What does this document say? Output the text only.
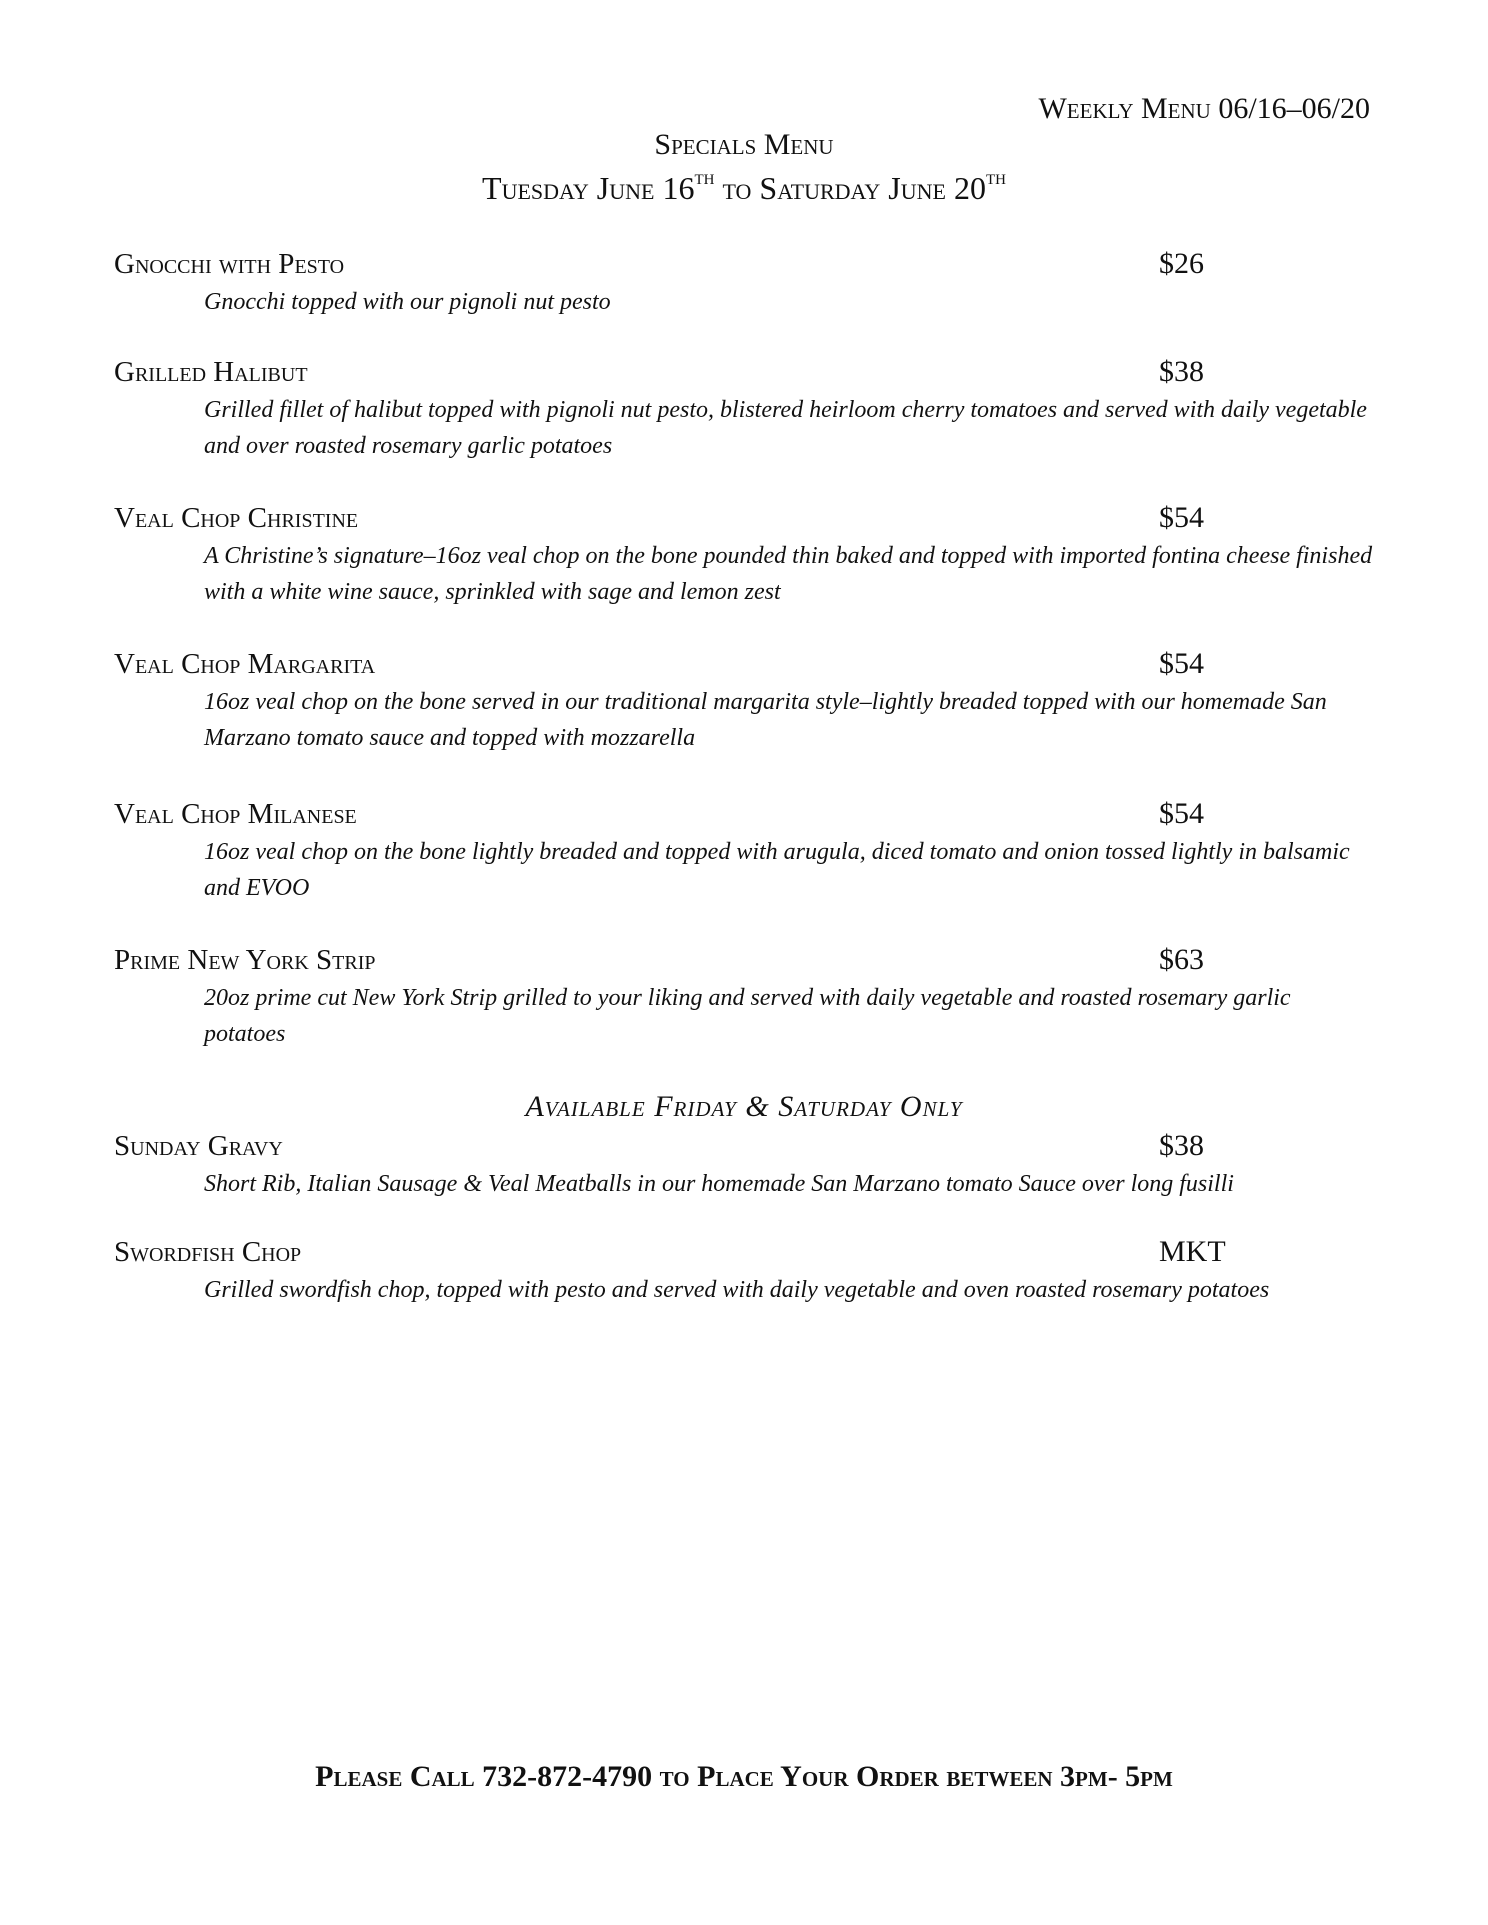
Weekly Menu 06/16–06/20
Specials Menu
Tuesday June 16TH to Saturday June 20TH
Gnocchi with Pesto	$26
Gnocchi topped with our pignoli nut pesto
Grilled Halibut	$38
Grilled fillet of halibut topped with pignoli nut pesto, blistered heirloom cherry tomatoes and served with daily vegetable and over roasted rosemary garlic potatoes
Veal Chop Christine	$54
A Christine’s signature–16oz veal chop on the bone pounded thin baked and topped with imported fontina cheese finished with a white wine sauce, sprinkled with sage and lemon zest
Veal Chop Margarita	$54
16oz veal chop on the bone served in our traditional margarita style–lightly breaded topped with our homemade San Marzano tomato sauce and topped with mozzarella
Veal Chop Milanese	$54
16oz veal chop on the bone lightly breaded and topped with arugula, diced tomato and onion tossed lightly in balsamic and EVOO
Prime New York Strip	$63
20oz prime cut New York Strip grilled to your liking and served with daily vegetable and roasted rosemary garlic potatoes
Available Friday & Saturday Only
Sunday Gravy	$38
Short Rib, Italian Sausage & Veal Meatballs in our homemade San Marzano tomato Sauce over long fusilli
Swordfish Chop	MKT
Grilled swordfish chop, topped with pesto and served with daily vegetable and oven roasted rosemary potatoes
Please Call 732-872-4790 to Place Your Order between 3pm- 5pm
